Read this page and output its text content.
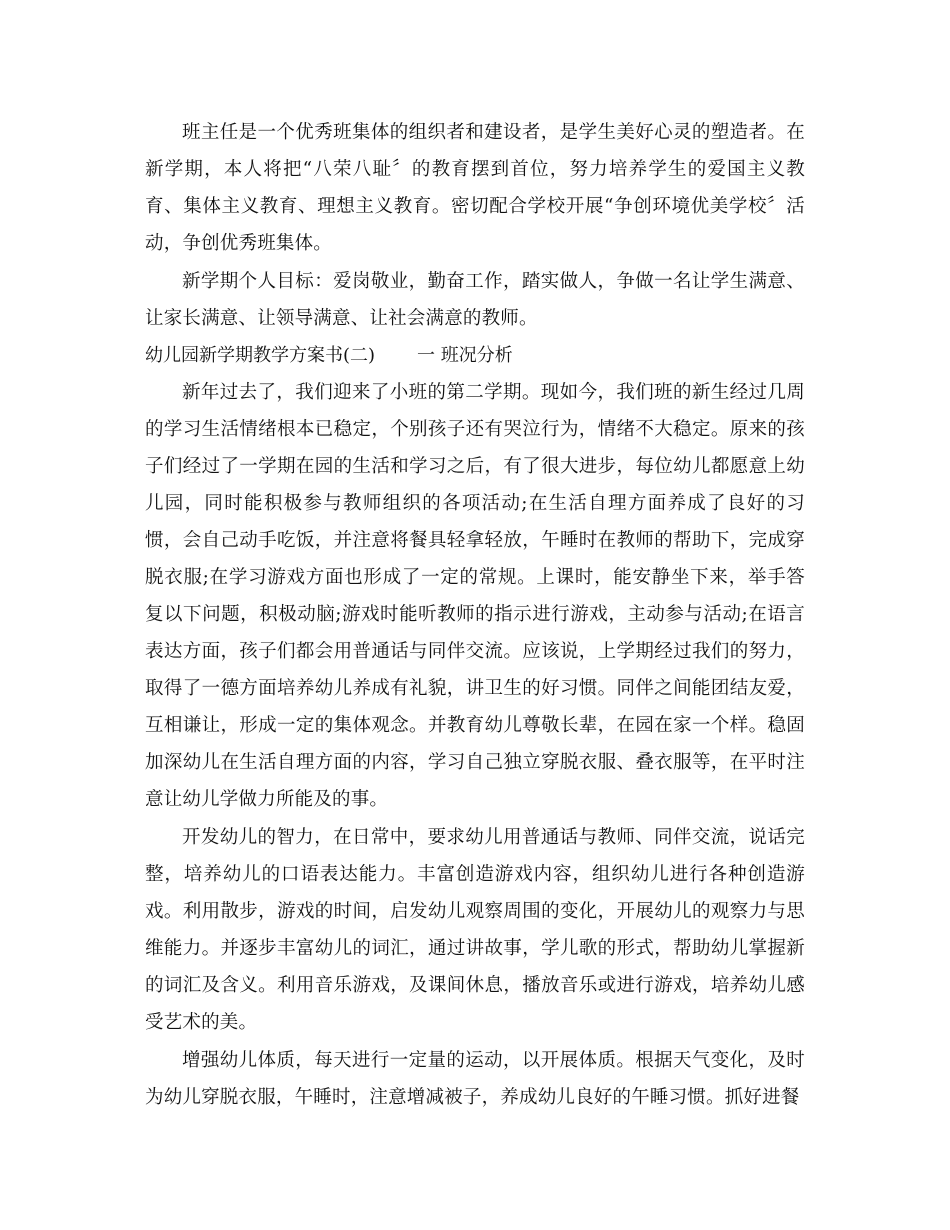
班主任是一个优秀班集体的组织者和建设者，是学生美好心灵的塑造者。在新学期，本人将把“八荣八耻〞的教育摆到首位，努力培养学生的爱国主义教育、集体主义教育、理想主义教育。密切配合学校开展“争创环境优美学校〞活动，争创优秀班集体。

新学期个人目标：爱岗敬业，勤奋工作，踏实做人，争做一名让学生满意、让家长满意、让领导满意、让社会满意的教师。

幼儿园新学期教学方案书(二) 一 班况分析

新年过去了，我们迎来了小班的第二学期。现如今，我们班的新生经过几周的学习生活情绪根本已稳定，个别孩子还有哭泣行为，情绪不大稳定。原来的孩子们经过了一学期在园的生活和学习之后，有了很大进步，每位幼儿都愿意上幼儿园，同时能积极参与教师组织的各项活动;在生活自理方面养成了良好的习惯，会自己动手吃饭，并注意将餐具轻拿轻放，午睡时在教师的帮助下，完成穿脱衣服;在学习游戏方面也形成了一定的常规。上课时，能安静坐下来，举手答复以下问题，积极动脑;游戏时能听教师的指示进行游戏，主动参与活动;在语言表达方面，孩子们都会用普通话与同伴交流。应该说，上学期经过我们的努力，取得了一德方面培养幼儿养成有礼貌，讲卫生的好习惯。同伴之间能团结友爱，互相谦让，形成一定的集体观念。并教育幼儿尊敬长辈，在园在家一个样。稳固加深幼儿在生活自理方面的内容，学习自己独立穿脱衣服、叠衣服等，在平时注意让幼儿学做力所能及的事。

开发幼儿的智力，在日常中，要求幼儿用普通话与教师、同伴交流，说话完整，培养幼儿的口语表达能力。丰富创造游戏内容，组织幼儿进行各种创造游戏。利用散步，游戏的时间，启发幼儿观察周围的变化，开展幼儿的观察力与思维能力。并逐步丰富幼儿的词汇，通过讲故事，学儿歌的形式，帮助幼儿掌握新的词汇及含义。利用音乐游戏，及课间休息，播放音乐或进行游戏，培养幼儿感受艺术的美。

增强幼儿体质，每天进行一定量的运动，以开展体质。根据天气变化，及时为幼儿穿脱衣服，午睡时，注意增减被子，养成幼儿良好的午睡习惯。抓好进餐
